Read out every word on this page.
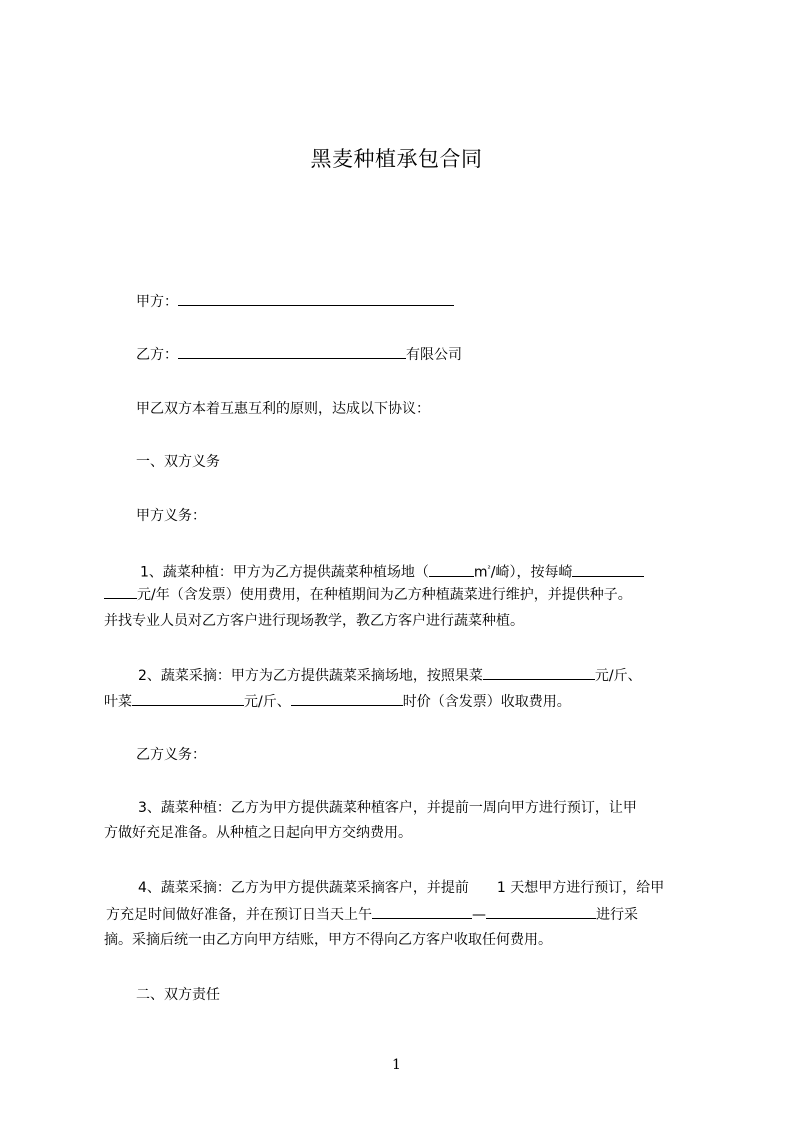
黑麦种植承包合同
甲方：
乙方：	有限公司
甲乙双方本着互惠互利的原则，达成以下协议：
一、双方义务
甲方义务：
1、蔬菜种植：甲方为乙方提供蔬菜种植场地（	$m^{^2}/$崎），按每崎
元/年（含发票）使用费用，在种植期间为乙方种植蔬菜进行维护，并提供种子。
并找专业人员对乙方客户进行现场教学，教乙方客户进行蔬菜种植。
2、蔬菜采摘：甲方为乙方提供蔬菜采摘场地，按照果菜	元/斤、
叶菜	元/斤、	时价（含发票）收取费用。
乙方义务：
3、蔬菜种植：乙方为甲方提供蔬菜种植客户，并提前一周向甲方进行预订，让甲
方做好充足准备。从种植之日起向甲方交纳费用。
4、蔬菜采摘：乙方为甲方提供蔬菜采摘客户，并提前　　1 天想甲方进行预订，给甲
方充足时间做好准备，并在预订日当天上午	—	进行采
摘。采摘后统一由乙方向甲方结账，甲方不得向乙方客户收取任何费用。
二、双方责任
1
